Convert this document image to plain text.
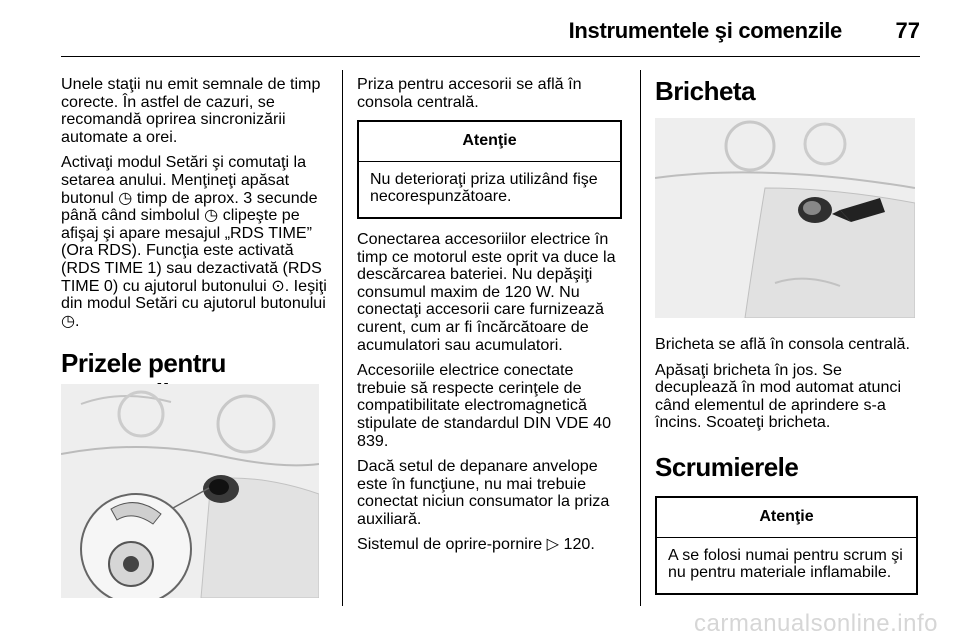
Instrumentele şi comenzile 77

Unele staţii nu emit semnale de timp corecte. În astfel de cazuri, se recomandă oprirea sincronizării automate a orei.

Activaţi modul Setări şi comutaţi la setarea anului. Menţineţi apăsat butonul ◷ timp de aprox. 3 secunde până când simbolul ◷ clipeşte pe afişaj şi apare mesajul „RDS TIME” (Ora RDS). Funcţia este activată (RDS TIME 1) sau dezactivată (RDS TIME 0) cu ajutorul butonului ⊙. Ieşiţi din modul Setări cu ajutorul butonului ◷.

Prizele pentru

Priza pentru accesorii se află în consola centrală.

Atenţie
Nu deterioraţi priza utilizând fişe necorespunzătoare.

Conectarea accesoriilor electrice în timp ce motorul este oprit va duce la descărcarea bateriei. Nu depăşiţi consumul maxim de 120 W. Nu conectaţi accesorii care furnizează curent, cum ar fi încărcătoare de acumulatori sau acumulatori.

Accesoriile electrice conectate trebuie să respecte cerinţele de compatibilitate electromagnetică stipulate de standardul DIN VDE 40 839.

Dacă setul de depanare anvelope este în funcţiune, nu mai trebuie conectat niciun consumator la priza auxiliară.

Sistemul de oprire-pornire ▷ 120.

Bricheta

Bricheta se află în consola centrală.

Apăsaţi bricheta în jos. Se decuplează în mod automat atunci când elementul de aprindere s-a încins. Scoateţi bricheta.

Scrumierele
Atenţie
A se folosi numai pentru scrum şi nu pentru materiale inflamabile.
carmanualsonline.info
